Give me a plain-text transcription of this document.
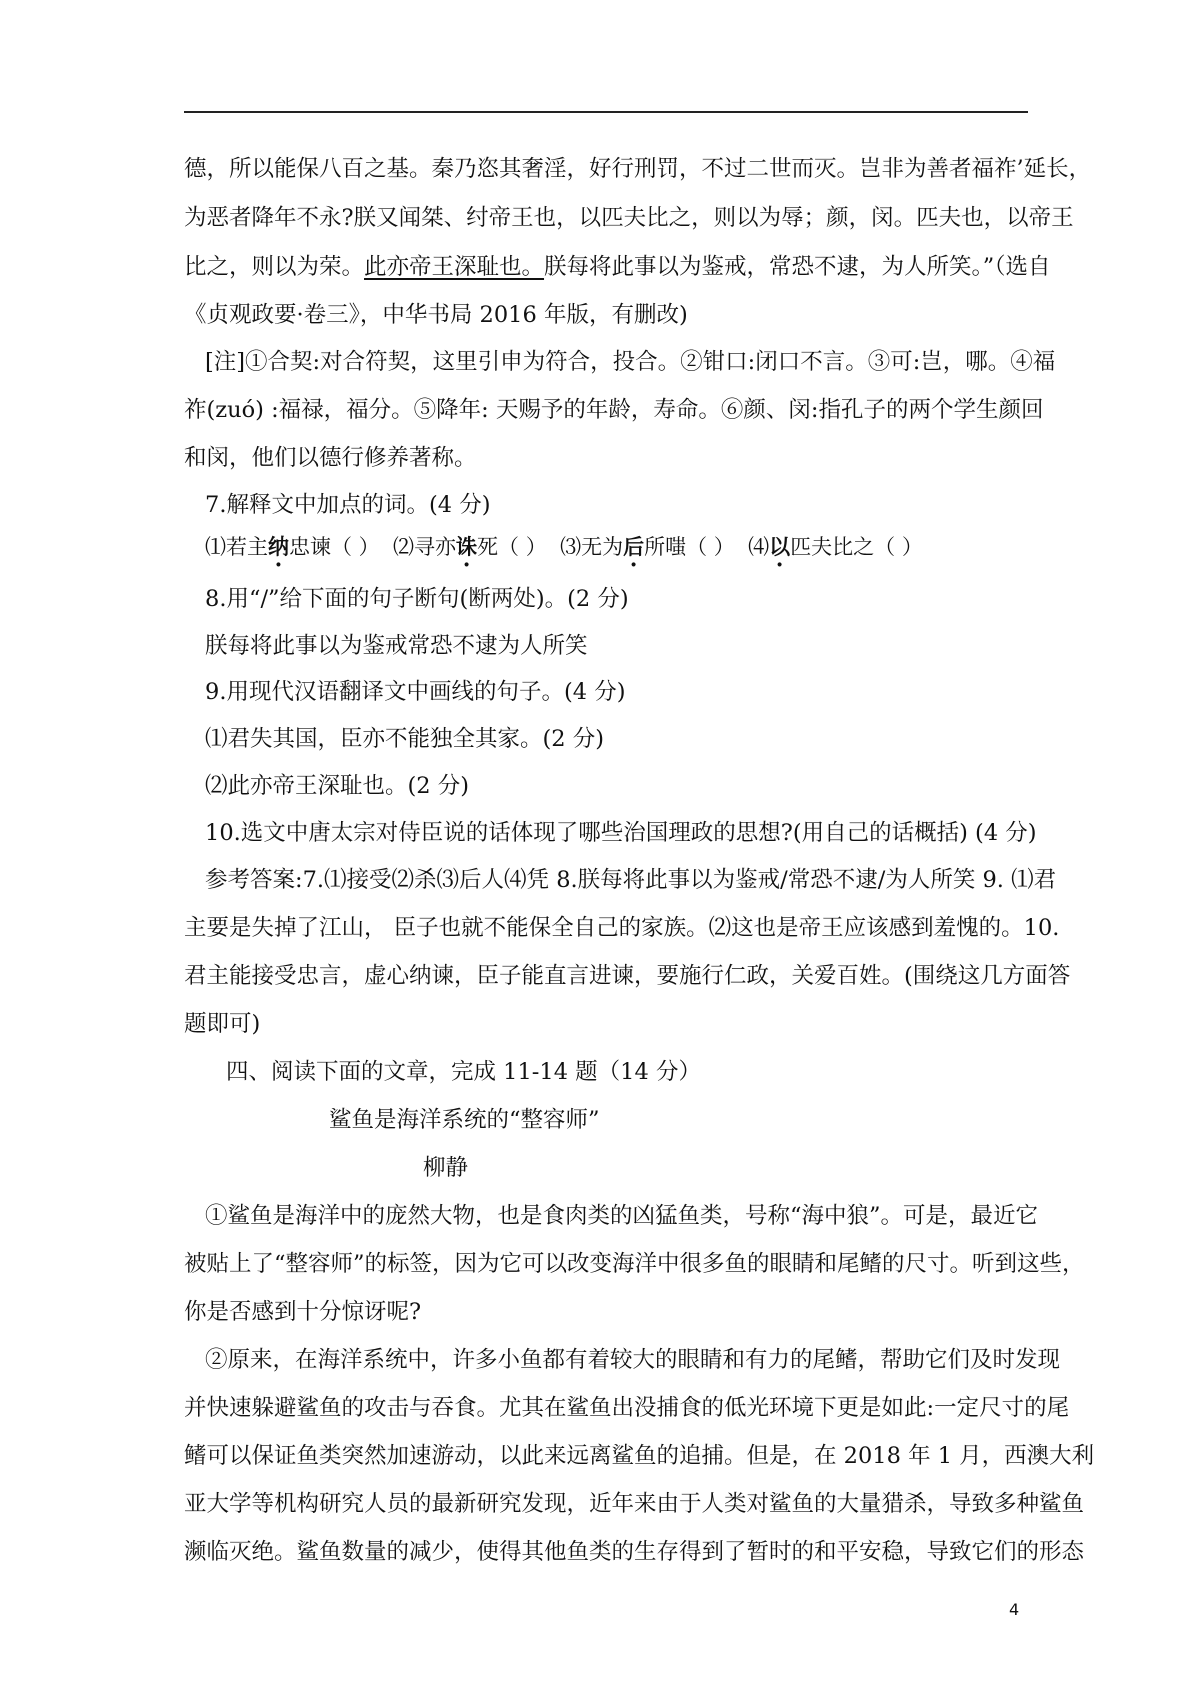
德，所以能保八百之基。秦乃恣其奢淫，好行刑罚，不过二世而灭。岂非为善者福祚’延长，
为恶者降年不永?朕又闻桀、纣帝王也，以匹夫比之，则以为辱；颜，闵。匹夫也，以帝王
比之，则以为荣。此亦帝王深耻也。朕每将此事以为鉴戒，常恐不逮，为人所笑。”（选自
《贞观政要·卷三》，中华书局 2016 年版，有删改)
[注]①合契:对合符契，这里引申为符合，投合。②钳口:闭口不言。③可:岂，哪。④福
祚(zuó) :福禄，福分。⑤降年: 天赐予的年龄，寿命。⑥颜、闵:指孔子的两个学生颜回
和闵，他们以德行修养著称。
7.解释文中加点的词。(4 分)
⑴若主纳忠谏（ ） ⑵寻亦诛死（ ） ⑶无为后所嗤（ ） ⑷以匹夫比之（ ）
8.用“/”给下面的句子断句(断两处)。(2 分)
朕每将此事以为鉴戒常恐不逮为人所笑
9.用现代汉语翻译文中画线的句子。(4 分)
⑴君失其国，臣亦不能独全其家。(2 分)
⑵此亦帝王深耻也。(2 分)
10.选文中唐太宗对侍臣说的话体现了哪些治国理政的思想?(用自己的话概括) (4 分)
参考答案:7.⑴接受⑵杀⑶后人⑷凭 8.朕每将此事以为鉴戒/常恐不逮/为人所笑 9. ⑴君
主要是失掉了江山， 臣子也就不能保全自己的家族。⑵这也是帝王应该感到羞愧的。10.
君主能接受忠言，虚心纳谏，臣子能直言进谏，要施行仁政，关爱百姓。(围绕这几方面答
题即可)
四、阅读下面的文章，完成 11-14 题（14 分）
鲨鱼是海洋系统的“整容师”
柳静
①鲨鱼是海洋中的庞然大物，也是食肉类的凶猛鱼类，号称“海中狼”。可是，最近它
被贴上了“整容师”的标签，因为它可以改变海洋中很多鱼的眼睛和尾鳍的尺寸。听到这些，
你是否感到十分惊讶呢?
②原来，在海洋系统中，许多小鱼都有着较大的眼睛和有力的尾鳍，帮助它们及时发现
并快速躲避鲨鱼的攻击与吞食。尤其在鲨鱼出没捕食的低光环境下更是如此:一定尺寸的尾
鳍可以保证鱼类突然加速游动，以此来远离鲨鱼的追捕。但是，在 2018 年 1 月，西澳大利
亚大学等机构研究人员的最新研究发现，近年来由于人类对鲨鱼的大量猎杀，导致多种鲨鱼
濒临灭绝。鲨鱼数量的减少，使得其他鱼类的生存得到了暂时的和平安稳，导致它们的形态
4
